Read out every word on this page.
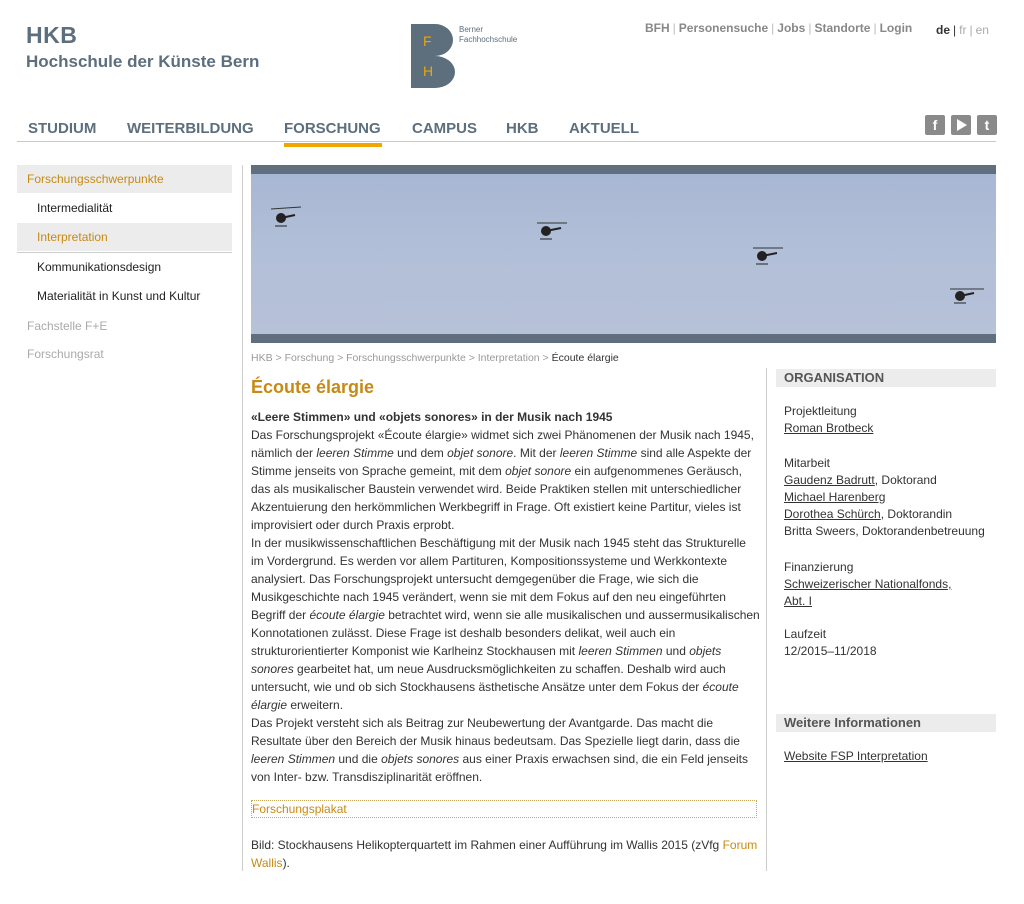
HKB
Hochschule der Künste Bern
F
H
Berner
Fachhochschule
BFH | Personensuche | Jobs | Standorte | Login de | fr | en
STUDIUM WEITERBILDUNG FORSCHUNG CAMPUS HKB AKTUELL	f	t
Forschungsschwerpunkte
Intermedialität
Interpretation
Kommunikationsdesign
Materialität in Kunst und Kultur
Fachstelle F+E
Forschungsrat	HKB > Forschung > Forschungsschwerpunkte > Interpretation > Écoute élargie
Écoute élargie

«Leere Stimmen» und «objets sonores» in der Musik nach 1945

Das Forschungsprojekt «Écoute élargie» widmet sich zwei Phänomenen der Musik nach 1945, nämlich der leeren Stimme und dem objet sonore. Mit der leeren Stimme sind alle Aspekte der Stimme jenseits von Sprache gemeint, mit dem objet sonore ein aufgenommenes Geräusch, das als musikalischer Baustein verwendet wird. Beide Praktiken stellen mit unterschiedlicher Akzentuierung den herkömmlichen Werkbegriff in Frage. Oft existiert keine Partitur, vieles ist improvisiert oder durch Praxis erprobt.

In der musikwissenschaftlichen Beschäftigung mit der Musik nach 1945 steht das Strukturelle im Vordergrund. Es werden vor allem Partituren, Kompositionssysteme und Werkkontexte analysiert. Das Forschungsprojekt untersucht demgegenüber die Frage, wie sich die Musikgeschichte nach 1945 verändert, wenn sie mit dem Fokus auf den neu eingeführten Begriff der écoute élargie betrachtet wird, wenn sie alle musikalischen und aussermusikalischen Konnotationen zulässt. Diese Frage ist deshalb besonders delikat, weil auch ein strukturorientierter Komponist wie Karlheinz Stockhausen mit leeren Stimmen und objets sonores gearbeitet hat, um neue Ausdrucksmöglichkeiten zu schaffen. Deshalb wird auch untersucht, wie und ob sich Stockhausens ästhetische Ansätze unter dem Fokus der écoute élargie erweitern.

Das Projekt versteht sich als Beitrag zur Neubewertung der Avantgarde. Das macht die Resultate über den Bereich der Musik hinaus bedeutsam. Das Spezielle liegt darin, dass die leeren Stimmen und die objets sonores aus einer Praxis erwachsen sind, die ein Feld jenseits von Inter- bzw. Transdisziplinarität eröffnen.

Forschungsplakat
Bild: Stockhausens Helikopterquartett im Rahmen einer Aufführung im Wallis 2015 (zVfg Forum Wallis).
ORGANISATION
Projektleitung
Roman Brotbeck
Mitarbeit
Gaudenz Badrutt, Doktorand
Michael Harenberg
Dorothea Schürch, Doktorandin
Britta Sweers, Doktorandenbetreuung
Finanzierung
Schweizerischer Nationalfonds,
Abt. I
Laufzeit
12/2015–11/2018
Weitere Informationen
Website FSP Interpretation
